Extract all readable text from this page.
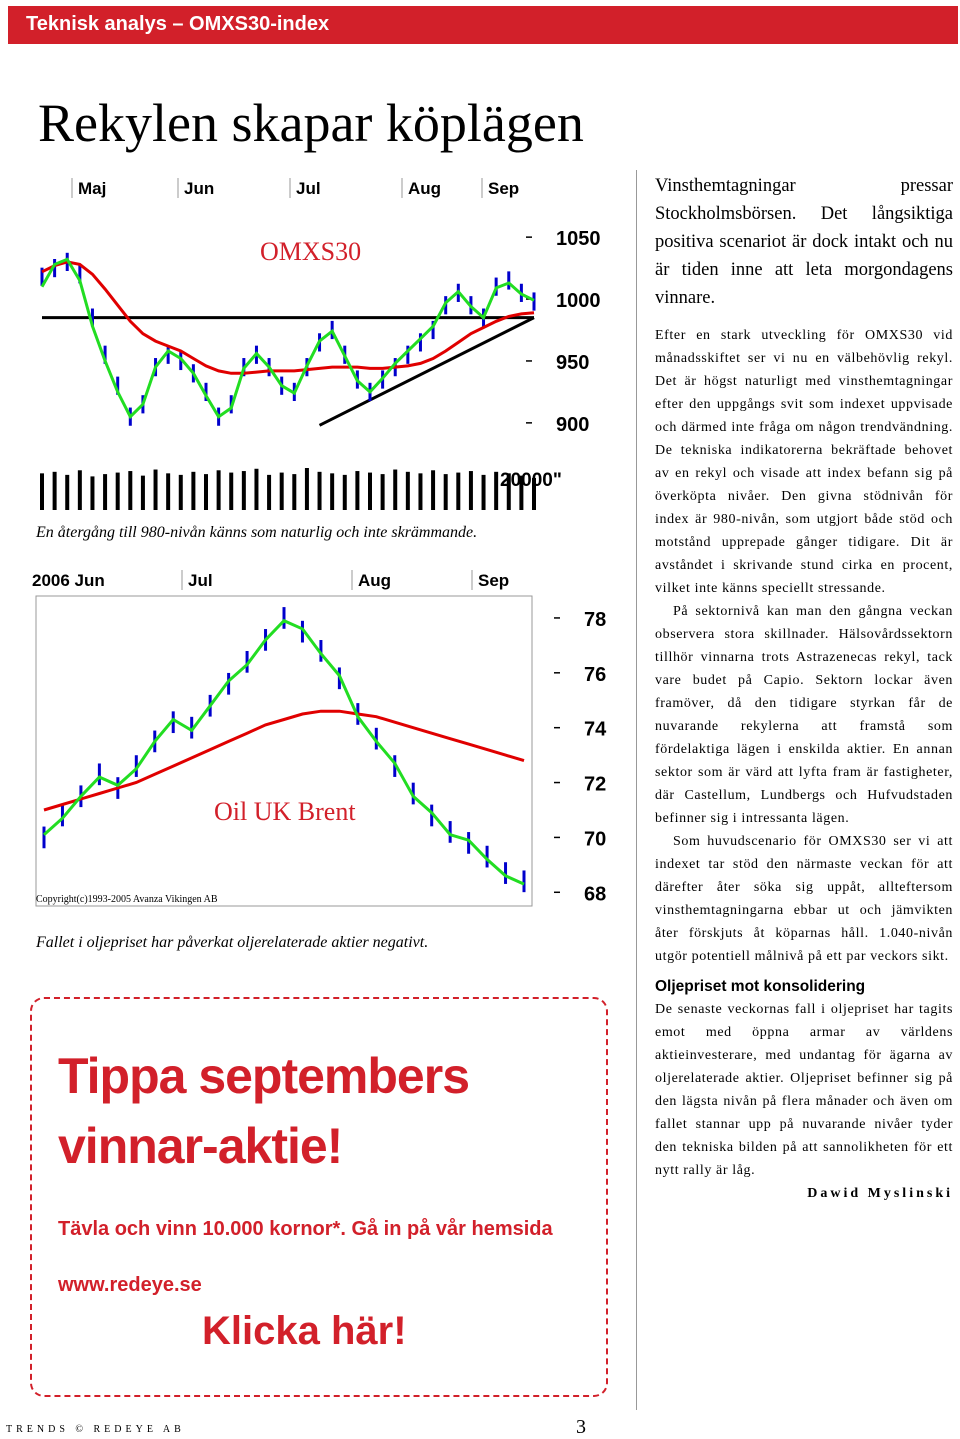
Teknisk analys – OMXS30-index
Rekylen skapar köplägen
Maj	Jun	Jul	Aug	Sep
1050
1000
950
900
OMXS30
20000"
En återgång till 980-nivån känns som naturlig och inte skrämmande.
2006 Jun	Jul	Aug	Sep
78
76
74
72
70
68
Oil UK Brent
Copyright(c)1993-2005 Avanza Vikingen AB
Fallet i oljepriset har påverkat oljerelaterade aktier negativt.
Tippa septembers
vinnar-aktie!
Tävla och vinn 10.000 kornor*. Gå in på vår hemsida www.redeye.se
Klicka här!
Vinsthemtagningar pressar Stockholmsbörsen. Det långsiktiga positiva scenariot är dock intakt och nu är tiden inne att leta morgondagens vinnare.

Efter en stark utveckling för OMXS30 vid månadsskiftet ser vi nu en välbehövlig rekyl. Det är högst naturligt med vinsthemtagningar efter den uppgångs svit som indexet uppvisade och därmed inte fråga om någon trendvändning. De tekniska indikatorerna bekräftade behovet av en rekyl och visade att index befann sig på överköpta nivåer. Den givna stödnivån för index är 980-nivån, som utgjort både stöd och motstånd upprepade gånger tidigare. Dit är avståndet i skrivande stund cirka en procent, vilket inte känns speciellt stressande.

På sektornivå kan man den gångna veckan observera stora skillnader. Hälsovårdssektorn tillhör vinnarna trots Astrazenecas rekyl, tack vare budet på Capio. Sektorn lockar även framöver, då den tidigare styrkan får de nuvarande rekylerna att framstå som fördelaktiga lägen i enskilda aktier. En annan sektor som är värd att lyfta fram är fastigheter, där Castellum, Lundbergs och Hufvudstaden befinner sig i intressanta lägen.

Som huvudscenario för OMXS30 ser vi att indexet tar stöd den närmaste veckan för att därefter åter söka sig uppåt, allteftersom vinsthemtagningarna ebbar ut och jämvikten åter förskjuts åt köparnas håll. 1.040-nivån utgör potentiell målnivå på ett par veckors sikt.

Oljepriset mot konsolidering

De senaste veckornas fall i oljepriset har tagits emot med öppna armar av världens aktieinvesterare, med undantag för ägarna av oljerelaterade aktier. Oljepriset befinner sig på den lägsta nivån på flera månader och även om fallet stannar upp på nuvarande nivåer tyder den tekniska bilden på att sannolikheten för ett nytt rally är låg.

Dawid Myslinski

TRENDS © REDEYE AB	3
